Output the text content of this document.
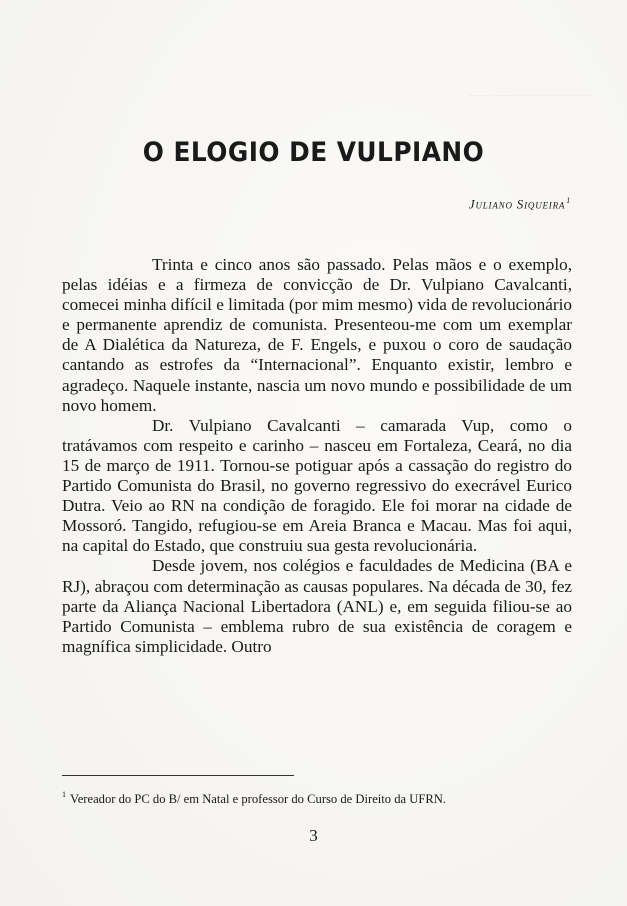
O ELOGIO DE VULPIANO
Juliano Siqueira$^1$

Trinta e cinco anos são passado. Pelas mãos e o exemplo, pelas idéias e a firmeza de convicção de Dr. Vulpiano Cavalcanti, comecei minha difícil e limitada (por mim mesmo) vida de revolucionário e permanente aprendiz de comunista. Presenteou-me com um exemplar de A Dialética da Natureza, de F. Engels, e puxou o coro de saudação cantando as estrofes da “Internacional”. Enquanto existir, lembro e agradeço. Naquele instante, nascia um novo mundo e possibilidade de um novo homem.

Dr. Vulpiano Cavalcanti – camarada Vup, como o tratávamos com respeito e carinho – nasceu em Fortaleza, Ceará, no dia 15 de março de 1911. Tornou-se potiguar após a cassação do registro do Partido Comunista do Brasil, no governo regressivo do execrável Eurico Dutra. Veio ao RN na condição de foragido. Ele foi morar na cidade de Mossoró. Tangido, refugiou-se em Areia Branca e Macau. Mas foi aqui, na capital do Estado, que construiu sua gesta revolucionária.

Desde jovem, nos colégios e faculdades de Medicina (BA e RJ), abraçou com determinação as causas populares. Na década de 30, fez parte da Aliança Nacional Libertadora (ANL) e, em seguida filiou-se ao Partido Comunista – emblema rubro de sua existência de coragem e magnífica simplicidade. Outro

$^1$ Vereador do PC do B/ em Natal e professor do Curso de Direito da UFRN.
3
